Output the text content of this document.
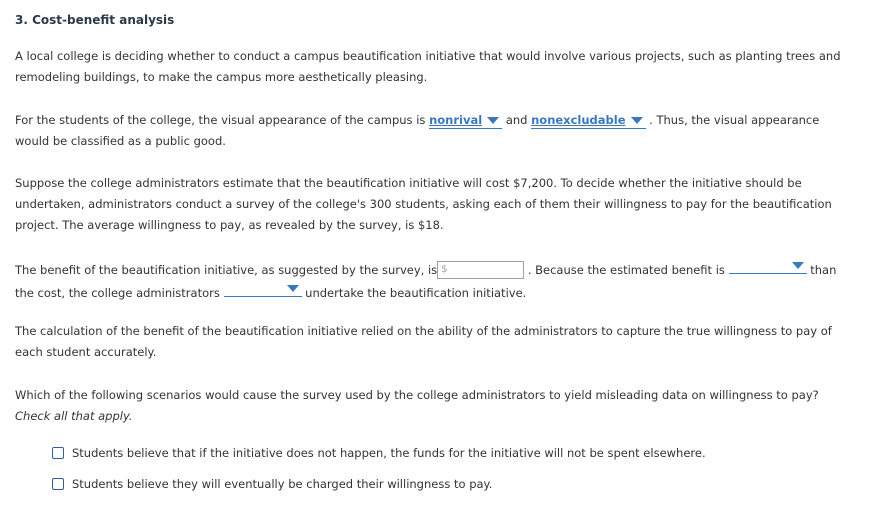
3. Cost-benefit analysis

A local college is deciding whether to conduct a campus beautification initiative that would involve various projects, such as planting trees and remodeling buildings, to make the campus more aesthetically pleasing.

For the students of the college, the visual appearance of the campus is nonrival and nonexcludable . Thus, the visual appearance would be classified as a public good.

Suppose the college administrators estimate that the beautification initiative will cost $7,200. To decide whether the initiative should be undertaken, administrators conduct a survey of the college's 300 students, asking each of them their willingness to pay for the beautification project. The average willingness to pay, as revealed by the survey, is $18.

The benefit of the beautification initiative, as suggested by the survey, is $	. Because the estimated benefit is	than the cost, the college administrators	undertake the beautification initiative.

The calculation of the benefit of the beautification initiative relied on the ability of the administrators to capture the true willingness to pay of each student accurately.

Which of the following scenarios would cause the survey used by the college administrators to yield misleading data on willingness to pay? Check all that apply.

Students believe that if the initiative does not happen, the funds for the initiative will not be spent elsewhere.
Students believe they will eventually be charged their willingness to pay.
